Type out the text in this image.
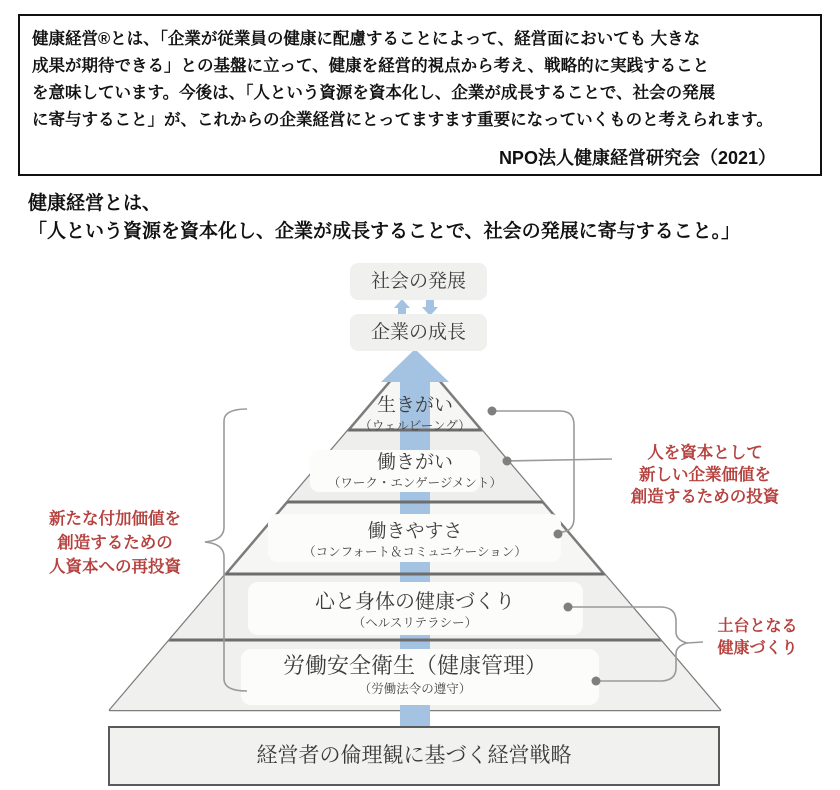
健康経営®とは、「企業が従業員の健康に配慮することによって、経営面においても 大きな
成果が期待できる」との基盤に立って、健康を経営的視点から考え、戦略的に実践すること
を意味しています。今後は、「人という資源を資本化し、企業が成長することで、社会の発展
に寄与すること」が、これからの企業経営にとってますます重要になっていくものと考えられます。
NPO法人健康経営研究会（2021）
健康経営とは、
「人という資源を資本化し、企業が成長することで、社会の発展に寄与すること。」
社会の発展
企業の成長
生きがい
（ウェルビーング）
働きがい
（ワーク・エンゲージメント）
働きやすさ
（コンフォート＆コミュニケーション）
心と身体の健康づくり
（ヘルスリテラシー）
労働安全衛生（健康管理）
（労働法令の遵守）
新たな付加価値を
創造するための
人資本への再投資
人を資本として
新しい企業価値を
創造するための投資
土台となる
健康づくり
経営者の倫理観に基づく経営戦略
